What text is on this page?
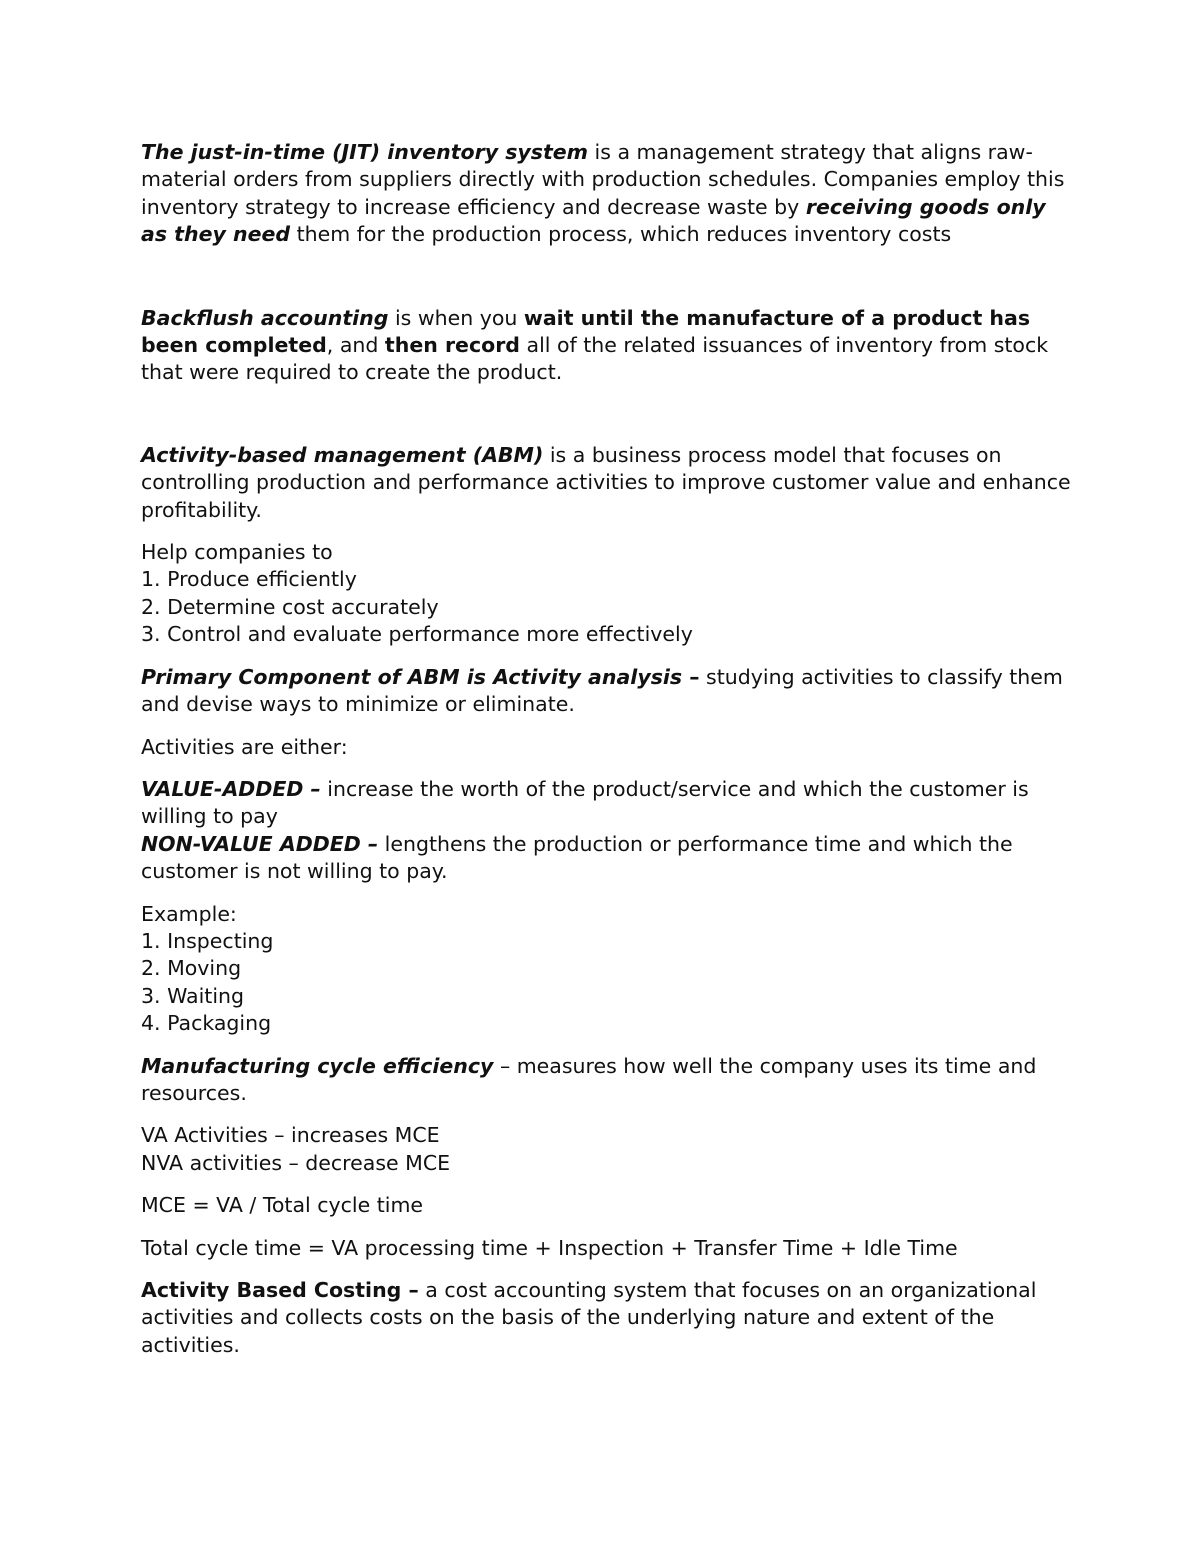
The just-in-time (JIT) inventory system is a management strategy that aligns raw-material orders from suppliers directly with production schedules. Companies employ this inventory strategy to increase efficiency and decrease waste by receiving goods only as they need them for the production process, which reduces inventory costs

Backflush accounting is when you wait until the manufacture of a product has been completed, and then record all of the related issuances of inventory from stock that were required to create the product.

Activity-based management (ABM) is a business process model that focuses on controlling production and performance activities to improve customer value and enhance profitability.

Help companies to
1. Produce efficiently
2. Determine cost accurately
3. Control and evaluate performance more effectively

Primary Component of ABM is Activity analysis – studying activities to classify them and devise ways to minimize or eliminate.

Activities are either:

VALUE-ADDED – increase the worth of the product/service and which the customer is willing to pay
NON-VALUE ADDED – lengthens the production or performance time and which the customer is not willing to pay.

Example:
1. Inspecting
2. Moving
3. Waiting
4. Packaging

Manufacturing cycle efficiency – measures how well the company uses its time and resources.

VA Activities – increases MCE
NVA activities – decrease MCE

MCE = VA / Total cycle time

Total cycle time = VA processing time + Inspection + Transfer Time + Idle Time

Activity Based Costing – a cost accounting system that focuses on an organizational activities and collects costs on the basis of the underlying nature and extent of the activities.
